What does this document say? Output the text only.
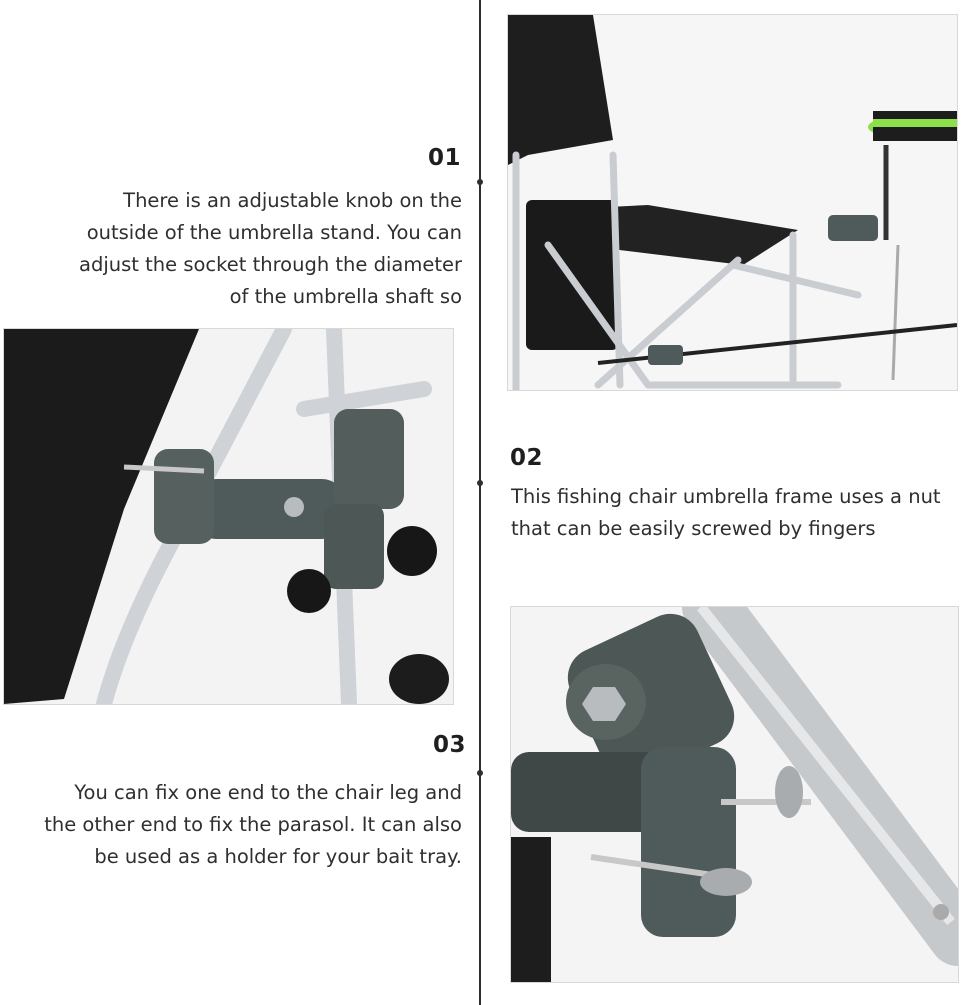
01

There is an adjustable knob on the outside of the umbrella stand. You can adjust the socket through the diameter of the umbrella shaft so

02

This fishing chair umbrella frame uses a nut that can be easily screwed by fingers

03

You can fix one end to the chair leg and the other end to fix the parasol. It can also be used as a holder for your bait tray.
